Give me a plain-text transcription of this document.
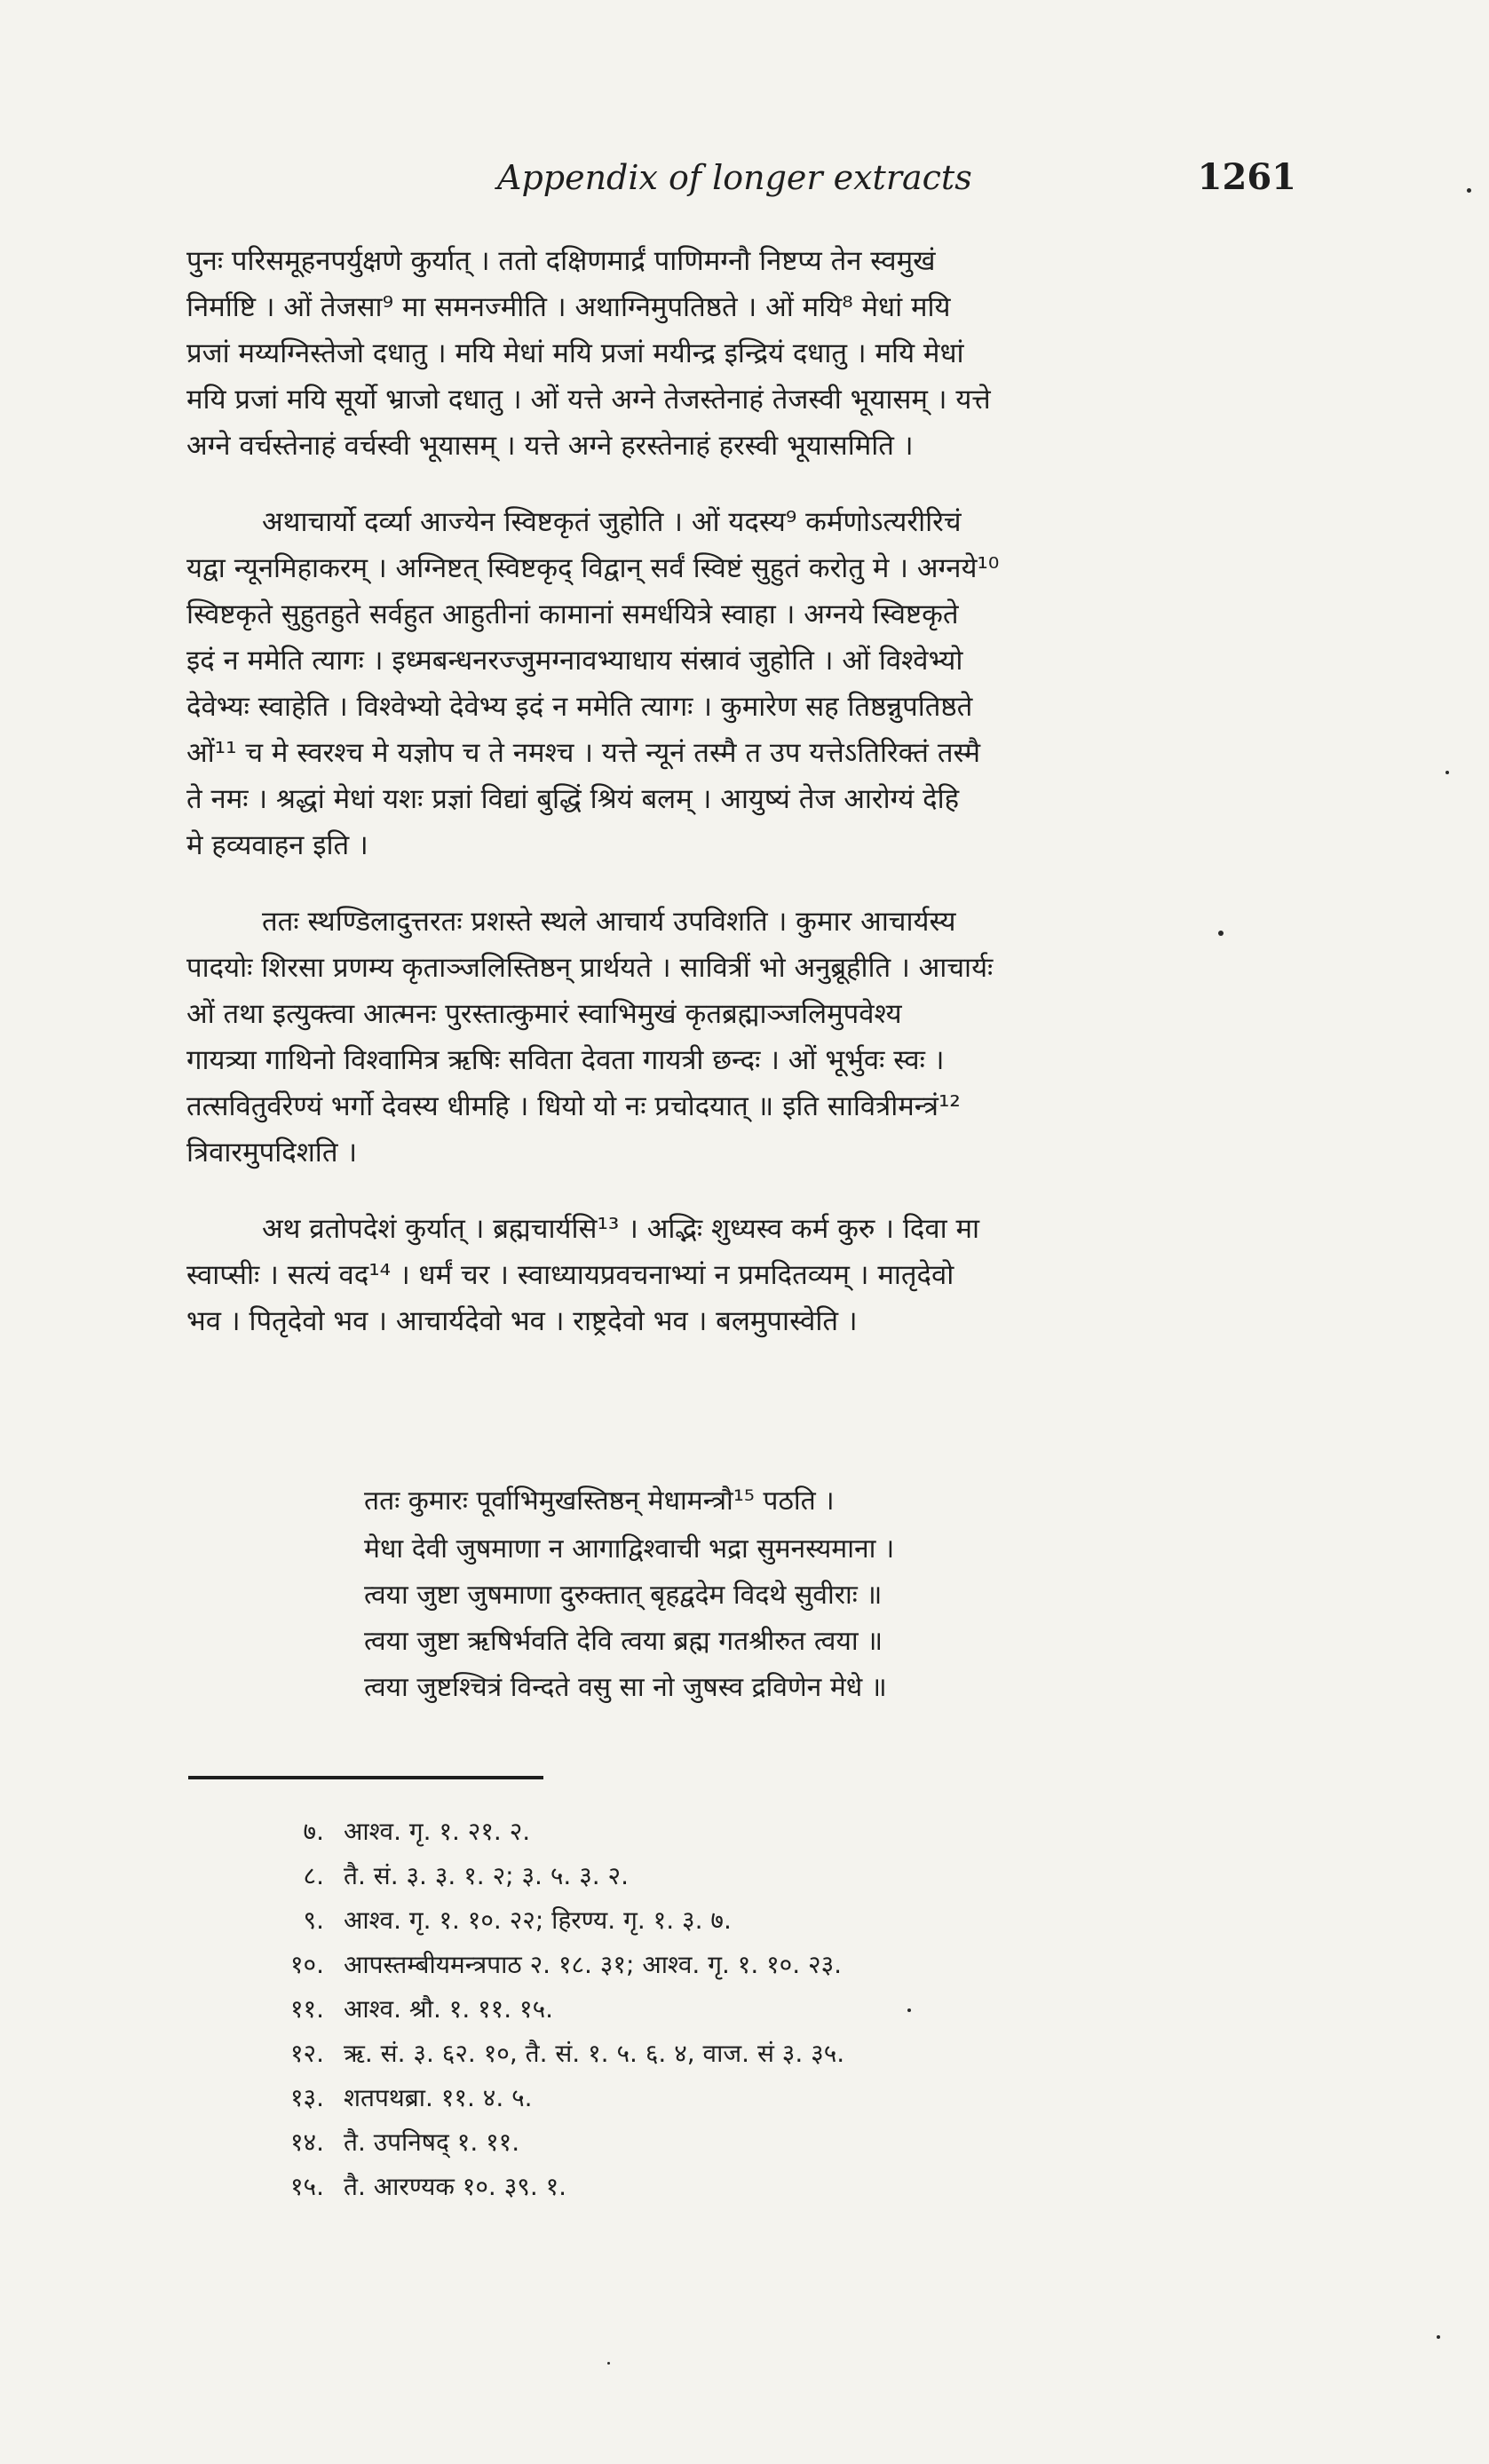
Appendix of longer extracts	1261

पुनः परिसमूहनपर्युक्षणे कुर्यात् । ततो दक्षिणमार्द्रं पाणिमग्नौ निष्टप्य तेन स्वमुखं
निर्माष्टि । ओं तेजसा⁹ मा समनज्मीति । अथाग्निमुपतिष्ठते । ओं मयि⁸ मेधां मयि
प्रजां मय्यग्निस्तेजो दधातु । मयि मेधां मयि प्रजां मयीन्द्र इन्द्रियं दधातु । मयि मेधां
मयि प्रजां मयि सूर्यो भ्राजो दधातु । ओं यत्ते अग्ने तेजस्तेनाहं तेजस्वी भूयासम् । यत्ते
अग्ने वर्चस्तेनाहं वर्चस्वी भूयासम् । यत्ते अग्ने हरस्तेनाहं हरस्वी भूयासमिति ।

अथाचार्यो दर्व्या आज्येन स्विष्टकृतं जुहोति । ओं यदस्य⁹ कर्मणोऽत्यरीरिचं
यद्वा न्यूनमिहाकरम् । अग्निष्टत् स्विष्टकृद् विद्वान् सर्वं स्विष्टं सुहुतं करोतु मे । अग्नये¹⁰
स्विष्टकृते सुहुतहुते सर्वहुत आहुतीनां कामानां समर्धयित्रे स्वाहा । अग्नये स्विष्टकृते
इदं न ममेति त्यागः । इध्मबन्धनरज्जुमग्नावभ्याधाय संस्रावं जुहोति । ओं विश्वेभ्यो
देवेभ्यः स्वाहेति । विश्वेभ्यो देवेभ्य इदं न ममेति त्यागः । कुमारेण सह तिष्ठन्नुपतिष्ठते
ओं¹¹ च मे स्वरश्च मे यज्ञोप च ते नमश्च । यत्ते न्यूनं तस्मै त उप यत्तेऽतिरिक्तं तस्मै
ते नमः । श्रद्धां मेधां यशः प्रज्ञां विद्यां बुद्धिं श्रियं बलम् । आयुष्यं तेज आरोग्यं देहि
मे हव्यवाहन इति ।

ततः स्थण्डिलादुत्तरतः प्रशस्ते स्थले आचार्य उपविशति । कुमार आचार्यस्य
पादयोः शिरसा प्रणम्य कृताञ्जलिस्तिष्ठन् प्रार्थयते । सावित्रीं भो अनुब्रूहीति । आचार्यः
ओं तथा इत्युक्त्वा आत्मनः पुरस्तात्कुमारं स्वाभिमुखं कृतब्रह्माञ्जलिमुपवेश्य
गायत्र्या गाथिनो विश्वामित्र ऋषिः सविता देवता गायत्री छन्दः । ओं भूर्भुवः स्वः ।
तत्सवितुर्वरेण्यं भर्गो देवस्य धीमहि । धियो यो नः प्रचोदयात् ॥ इति सावित्रीमन्त्रं¹²
त्रिवारमुपदिशति ।

अथ व्रतोपदेशं कुर्यात् । ब्रह्मचार्यसि¹³ । अद्भिः शुध्यस्व कर्म कुरु । दिवा मा
स्वाप्सीः । सत्यं वद¹⁴ । धर्मं चर । स्वाध्यायप्रवचनाभ्यां न प्रमदितव्यम् । मातृदेवो
भव । पितृदेवो भव । आचार्यदेवो भव । राष्ट्रदेवो भव । बलमुपास्वेति ।

ततः कुमारः पूर्वाभिमुखस्तिष्ठन् मेधामन्त्रौ¹⁵ पठति ।
मेधा देवी जुषमाणा न आगाद्विश्वाची भद्रा सुमनस्यमाना ।
त्वया जुष्टा जुषमाणा दुरुक्तात् बृहद्वदेम विदथे सुवीराः ॥
त्वया जुष्टा ऋषिर्भवति देवि त्वया ब्रह्म गतश्रीरुत त्वया ॥
त्वया जुष्टश्चित्रं विन्दते वसु सा नो जुषस्व द्रविणेन मेधे ॥
७. आश्व. गृ. १. २१. २.
८. तै. सं. ३. ३. १. २; ३. ५. ३. २.
९. आश्व. गृ. १. १०. २२; हिरण्य. गृ. १. ३. ७.
१०. आपस्तम्बीयमन्त्रपाठ २. १८. ३१; आश्व. गृ. १. १०. २३.
११. आश्व. श्रौ. १. ११. १५.
१२. ऋ. सं. ३. ६२. १०, तै. सं. १. ५. ६. ४, वाज. सं ३. ३५.
१३. शतपथब्रा. ११. ४. ५.
१४. तै. उपनिषद् १. ११.
१५. तै. आरण्यक १०. ३९. १.
